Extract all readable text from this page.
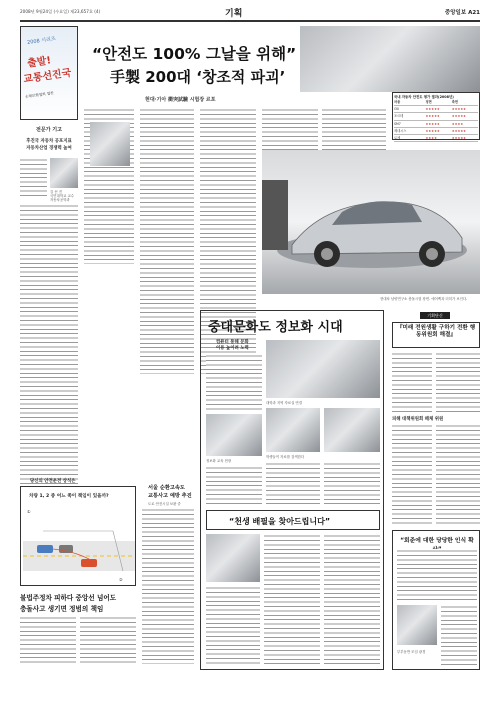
2008년 9월24일 (수요일) 제23,657호 (4)	기획	중앙일보 A21
2008 시리즈
출발!
교통선진국
손해보험협회 협찬
전문가 기고
후진국 자동차 공포지표
자동차산업 경쟁력 높여
김 선 진
국민대학교 교수
자동차공학과
“안전도 100% 그날을 위해”
手製 200대 ‘창조적 파괴’
국내 자동차 안전도 평가 결과(2008년)
차종	정면	측면
i30	★★★★★	★★★★★
포르테	★★★★★	★★★★★
SM7	★★★★★	★★★★
제네시스	★★★★★	★★★★★
로체	★★★★	★★★★★
현대·기아 衝突試驗 시험장 르포
현대차 남양연구소 충돌시험 장면. 에어백과 더미가 보인다.
중대문화도 정보화 시대
컴퓨터 통해 문화
이용 높이려 노력
대학과 지역 자료실 연결
정보화 교육 현장
학생들이 자료를 검색한다
“천생 배필을 찾아드립니다”
당신의 안전운전 상식은
차량 1, 2 중 어느 쪽이 책임이 있을까?
①
②
불법주정차 피하다 중앙선 넘어도
충돌사고 생기면 정범의 책임
서울 순환고속도
교통사고 예방 추진
도로 안전시설 보완 중
기획단신
『미래 전원생활 구하기 전환 행동위원회 해결』
피해 대책위원회 해체 위원
“회준에 대한 당당한 인식 확
부부동반 모임 광경
